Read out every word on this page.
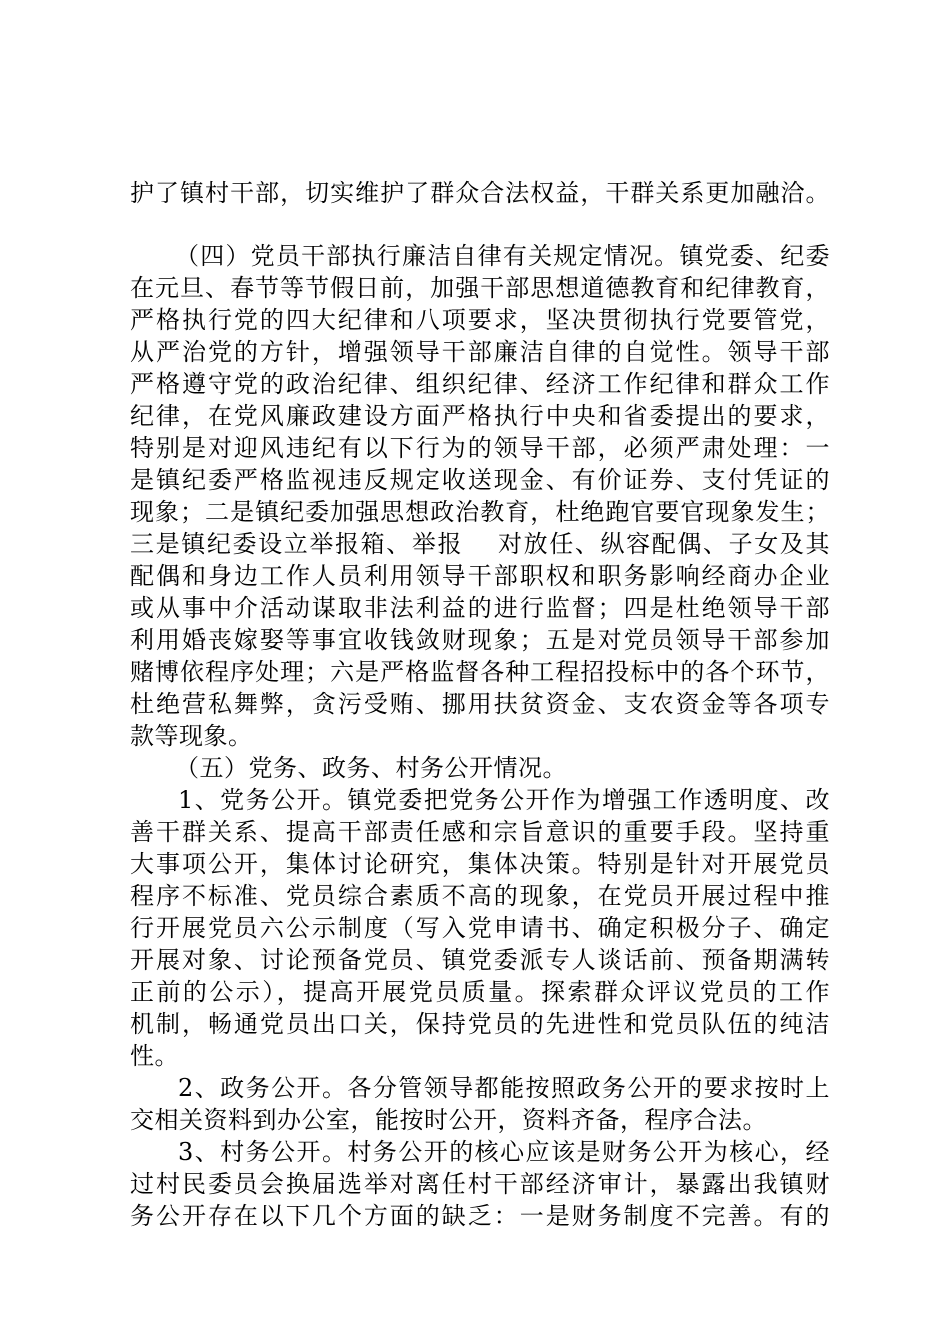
护了镇村干部，切实维护了群众合法权益，干群关系更加融洽。
（四）党员干部执行廉洁自律有关规定情况。镇党委、纪委
在元旦、春节等节假日前，加强干部思想道德教育和纪律教育，
严格执行党的四大纪律和八项要求，坚决贯彻执行党要管党，
从严治党的方针，增强领导干部廉洁自律的自觉性。领导干部
严格遵守党的政治纪律、组织纪律、经济工作纪律和群众工作
纪律，在党风廉政建设方面严格执行中央和省委提出的要求，
特别是对迎风违纪有以下行为的领导干部，必须严肃处理：一
是镇纪委严格监视违反规定收送现金、有价证券、支付凭证的
现象；二是镇纪委加强思想政治教育，杜绝跑官要官现象发生；
三是镇纪委设立举报箱、举报　 对放任、纵容配偶、子女及其
配偶和身边工作人员利用领导干部职权和职务影响经商办企业
或从事中介活动谋取非法利益的进行监督；四是杜绝领导干部
利用婚丧嫁娶等事宜收钱敛财现象；五是对党员领导干部参加
赌博依程序处理；六是严格监督各种工程招投标中的各个环节，
杜绝营私舞弊，贪污受贿、挪用扶贫资金、支农资金等各项专
款等现象。
（五）党务、政务、村务公开情况。
1、党务公开。镇党委把党务公开作为增强工作透明度、改
善干群关系、提高干部责任感和宗旨意识的重要手段。坚持重
大事项公开，集体讨论研究，集体决策。特别是针对开展党员
程序不标准、党员综合素质不高的现象，在党员开展过程中推
行开展党员六公示制度（写入党申请书、确定积极分子、确定
开展对象、讨论预备党员、镇党委派专人谈话前、预备期满转
正前的公示），提高开展党员质量。探索群众评议党员的工作
机制，畅通党员出口关，保持党员的先进性和党员队伍的纯洁
性。
2、政务公开。各分管领导都能按照政务公开的要求按时上
交相关资料到办公室，能按时公开，资料齐备，程序合法。
3、村务公开。村务公开的核心应该是财务公开为核心，经
过村民委员会换届选举对离任村干部经济审计，暴露出我镇财
务公开存在以下几个方面的缺乏：一是财务制度不完善。有的
